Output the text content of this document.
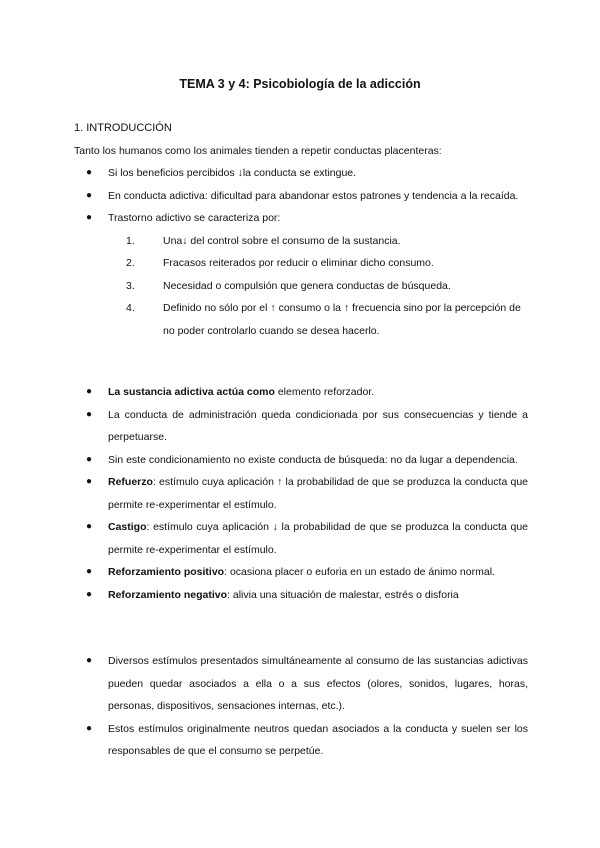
TEMA 3 y 4: Psicobiología de la adicción
1. INTRODUCCIÓN
Tanto los humanos como los animales tienden a repetir conductas placenteras:
● Si los beneficios percibidos ↓la conducta se extingue.
● En conducta adictiva: dificultad para abandonar estos patrones y tendencia a la recaída.
● Trastorno adictivo se caracteriza por:
1.	Una↓ del control sobre el consumo de la sustancia.
2.	Fracasos reiterados por reducir o eliminar dicho consumo.
3.	Necesidad o compulsión que genera conductas de búsqueda.
4.	Definido no sólo por el ↑ consumo o la ↑ frecuencia sino por la percepción de no poder controlarlo cuando se desea hacerlo.
● La sustancia adictiva actúa como elemento reforzador.
● La conducta de administración queda condicionada por sus consecuencias y tiende a perpetuarse.
● Sin este condicionamiento no existe conducta de búsqueda: no da lugar a dependencia.
● Refuerzo: estímulo cuya aplicación ↑ la probabilidad de que se produzca la conducta que permite re-experimentar el estímulo.
● Castigo: estímulo cuya aplicación ↓ la probabilidad de que se produzca la conducta que permite re-experimentar el estímulo.
● Reforzamiento positivo: ocasiona placer o euforia en un estado de ánimo normal.
● Reforzamiento negativo: alivia una situación de malestar, estrés o disforia
● Diversos estímulos presentados simultáneamente al consumo de las sustancias adictivas pueden quedar asociados a ella o a sus efectos (olores, sonidos, lugares, horas, personas, dispositivos, sensaciones internas, etc.).
● Estos estímulos originalmente neutros quedan asociados a la conducta y suelen ser los responsables de que el consumo se perpetúe.
